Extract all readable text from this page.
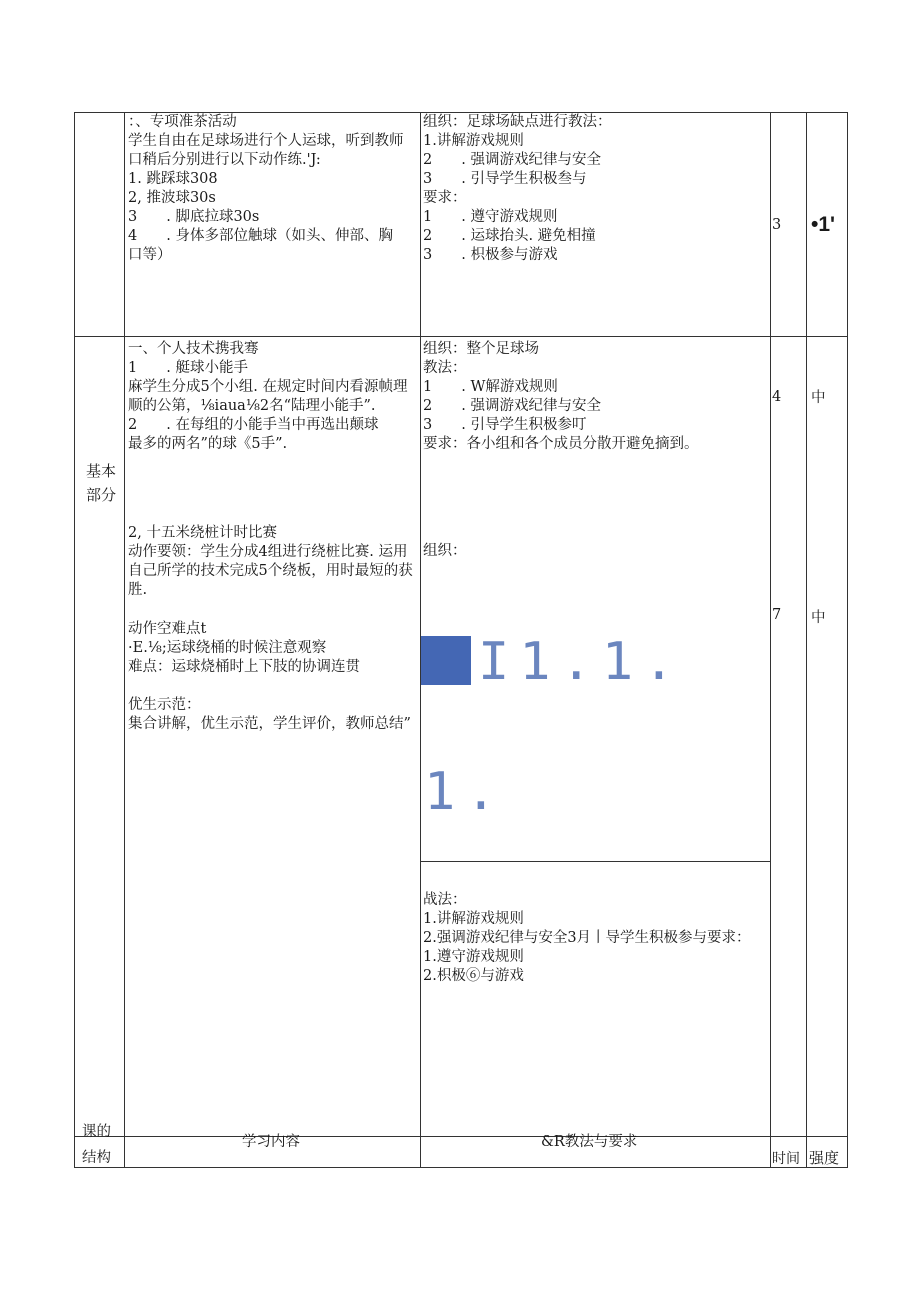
：、专项准茶活动
学生自由在足球场进行个人运球，听到教师
口稍后分别进行以下动作练.'J:
1. 跳踩球308
2, 推波球30s
3　　. 脚底拉球30s
4　　. 身体多部位触球（如头、伸部、胸
口等）
组织：足球场缺点进行教法：
1.讲解游戏规则
2　　. 强调游戏纪律与安全
3　　. 引导学生积极叁与
要求：
1　　. 遵守游戏规则
2　　. 运球抬头. 避免相撞
3　　. 枳极参与游戏
3 •1'
基本
部分
一、个人技术携我骞
1　　. 艇球小能手
麻学生分成5个小组. 在规定时间内看源帧理
顺的公第，⅛iaua⅛2名“陆理小能手”.
2　　. 在每组的小能手当中再选出颠球
最多的两名”的球《5手”.
2, 十五米绕桩计时比赛
动作要领：学生分成4组进行绕桩比赛. 运用
自己所学的技术完成5个绕板，用时最短的获
胜.
动作空难点t
·E.⅛;运球绕桶的时候注意观察
难点：运球烧桶时上下肢的协调连贯
优生示范：
集合讲解，优生示范，学生评价，教师总结”
组织：整个足球场
教法：
1　　. W解游戏规则
2　　. 强调游戏纪律与安全
3　　. 引导学生积极参叮
要求：各小组和各个成员分散开避免摘到。
组织：
I1.1.
1.
战法：
1.讲解游戏规则
2.强调游戏纪律与安全3月丨导学生积极参与要求：
1.遵守游戏规则
2.枳极⑥与游戏
4 中
7 中
课的
结构
学习内容	&R教法与要求
时间 强度
